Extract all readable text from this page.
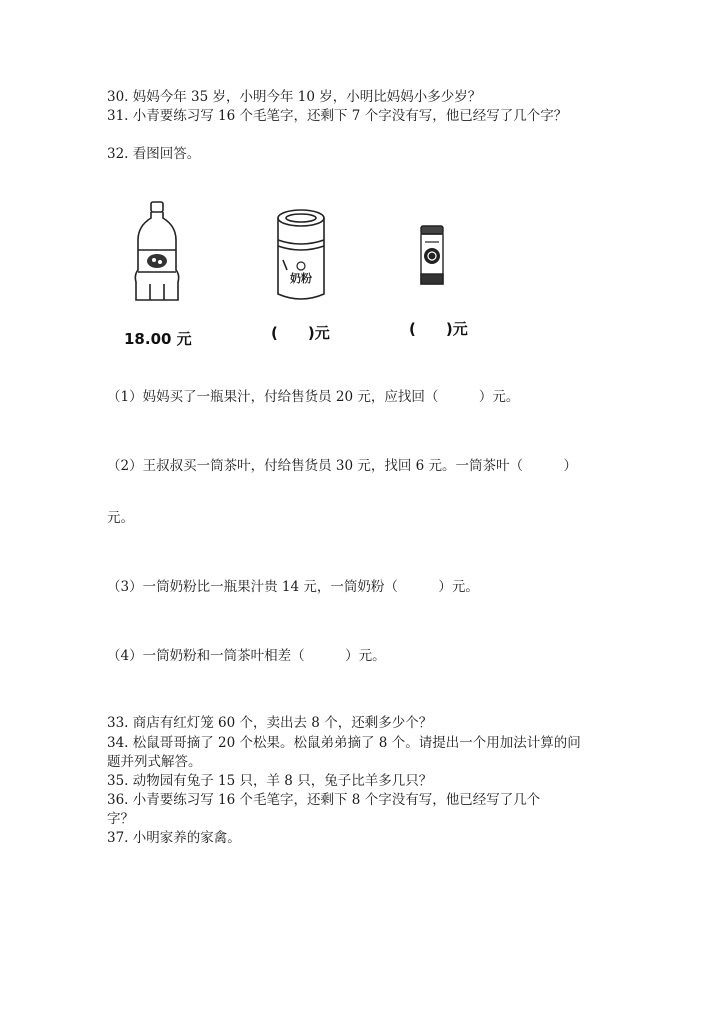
30. 妈妈今年 35 岁，小明今年 10 岁，小明比妈妈小多少岁？
31. 小青要练习写 16 个毛笔字，还剩下 7 个字没有写，他已经写了几个字？
32. 看图回答。
18.00 元
奶粉
(　　)元	(　　)元
（1）妈妈买了一瓶果汁，付给售货员 20 元，应找回（　　　）元。
（2）王叔叔买一筒茶叶，付给售货员 30 元，找回 6 元。一筒茶叶（　　　）
元。
（3）一筒奶粉比一瓶果汁贵 14 元，一筒奶粉（　　　）元。
（4）一筒奶粉和一筒茶叶相差（　　　）元。
33. 商店有红灯笼 60 个，卖出去 8 个，还剩多少个？
34. 松鼠哥哥摘了 20 个松果。松鼠弟弟摘了 8 个。请提出一个用加法计算的问
题并列式解答。
35. 动物园有兔子 15 只，羊 8 只，兔子比羊多几只？
36. 小青要练习写 16 个毛笔字，还剩下 8 个字没有写，他已经写了几个
字？
37. 小明家养的家禽。
